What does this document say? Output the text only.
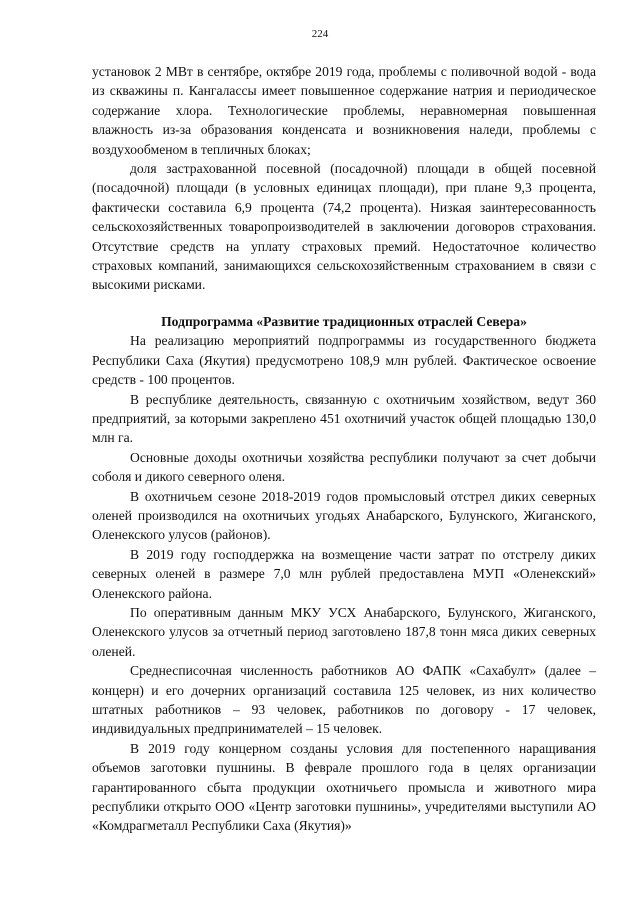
224

установок 2 МВт в сентябре, октябре 2019 года, проблемы с поливочной водой - вода из скважины п. Кангалассы имеет повышенное содержание натрия и периодическое содержание хлора. Технологические проблемы, неравномерная повышенная влажность из-за образования конденсата и возникновения наледи, проблемы с воздухообменом в тепличных блоках;

доля застрахованной посевной (посадочной) площади в общей посевной (посадочной) площади (в условных единицах площади), при плане 9,3 процента, фактически составила 6,9 процента (74,2 процента). Низкая заинтересованность сельскохозяйственных товаропроизводителей в заключении договоров страхования. Отсутствие средств на уплату страховых премий. Недостаточное количество страховых компаний, занимающихся сельскохозяйственным страхованием в связи с высокими рисками.

Подпрограмма «Развитие традиционных отраслей Севера»

На реализацию мероприятий подпрограммы из государственного бюджета Республики Саха (Якутия) предусмотрено 108,9 млн рублей. Фактическое освоение средств - 100 процентов.

В республике деятельность, связанную с охотничьим хозяйством, ведут 360 предприятий, за которыми закреплено 451 охотничий участок общей площадью 130,0 млн га.

Основные доходы охотничьи хозяйства республики получают за счет добычи соболя и дикого северного оленя.

В охотничьем сезоне 2018-2019 годов промысловый отстрел диких северных оленей производился на охотничьих угодьях Анабарского, Булунского, Жиганского, Оленекского улусов (районов).

В 2019 году господдержка на возмещение части затрат по отстрелу диких северных оленей в размере 7,0 млн рублей предоставлена МУП «Оленекский» Оленекского района.

По оперативным данным МКУ УСХ Анабарского, Булунского, Жиганского, Оленекского улусов за отчетный период заготовлено 187,8 тонн мяса диких северных оленей.

Среднесписочная численность работников АО ФАПК «Сахабулт» (далее – концерн) и его дочерних организаций составила 125 человек, из них количество штатных работников – 93 человек, работников по договору - 17 человек, индивидуальных предпринимателей – 15 человек.

В 2019 году концерном созданы условия для постепенного наращивания объемов заготовки пушнины. В феврале прошлого года в целях организации гарантированного сбыта продукции охотничьего промысла и животного мира республики открыто ООО «Центр заготовки пушнины», учредителями выступили АО «Комдрагметалл Республики Саха (Якутия)»
